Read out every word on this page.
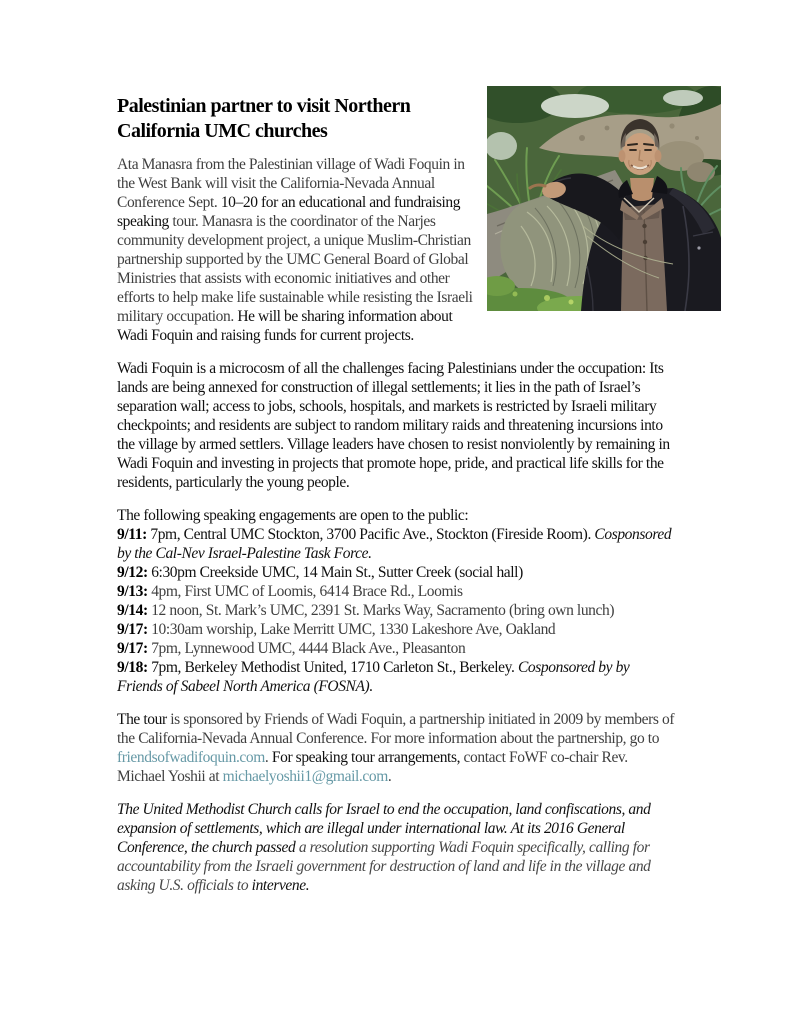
Palestinian partner to visit Northern
California UMC churches

Ata Manasra from the Palestinian village of Wadi Foquin in the West Bank will visit the California-Nevada Annual Conference Sept. 10–20 for an educational and fundraising speaking tour. Manasra is the coordinator of the Narjes community development project, a unique Muslim-Christian partnership supported by the UMC General Board of Global Ministries that assists with economic initiatives and other efforts to help make life sustainable while resisting the Israeli military occupation. He will be sharing information about Wadi Foquin and raising funds for current projects.

Wadi Foquin is a microcosm of all the challenges facing Palestinians under the occupation: Its lands are being annexed for construction of illegal settlements; it lies in the path of Israel’s separation wall; access to jobs, schools, hospitals, and markets is restricted by Israeli military checkpoints; and residents are subject to random military raids and threatening incursions into the village by armed settlers. Village leaders have chosen to resist nonviolently by remaining in Wadi Foquin and investing in projects that promote hope, pride, and practical life skills for the residents, particularly the young people.

The following speaking engagements are open to the public:

9/11: 7pm, Central UMC Stockton, 3700 Pacific Ave., Stockton (Fireside Room). Cosponsored by the Cal-Nev Israel-Palestine Task Force.

9/12: 6:30pm Creekside UMC, 14 Main St., Sutter Creek (social hall)

9/13: 4pm, First UMC of Loomis, 6414 Brace Rd., Loomis

9/14: 12 noon, St. Mark’s UMC, 2391 St. Marks Way, Sacramento (bring own lunch)

9/17: 10:30am worship, Lake Merritt UMC, 1330 Lakeshore Ave, Oakland

9/17: 7pm, Lynnewood UMC, 4444 Black Ave., Pleasanton

9/18: 7pm, Berkeley Methodist United, 1710 Carleton St., Berkeley. Cosponsored by by Friends of Sabeel North America (FOSNA).

The tour is sponsored by Friends of Wadi Foquin, a partnership initiated in 2009 by members of the California-Nevada Annual Conference. For more information about the partnership, go to friendsofwadifoquin.com. For speaking tour arrangements, contact FoWF co-chair Rev. Michael Yoshii at michaelyoshii1@gmail.com.

The United Methodist Church calls for Israel to end the occupation, land confiscations, and expansion of settlements, which are illegal under international law. At its 2016 General Conference, the church passed a resolution supporting Wadi Foquin specifically, calling for accountability from the Israeli government for destruction of land and life in the village and asking U.S. officials to intervene.
